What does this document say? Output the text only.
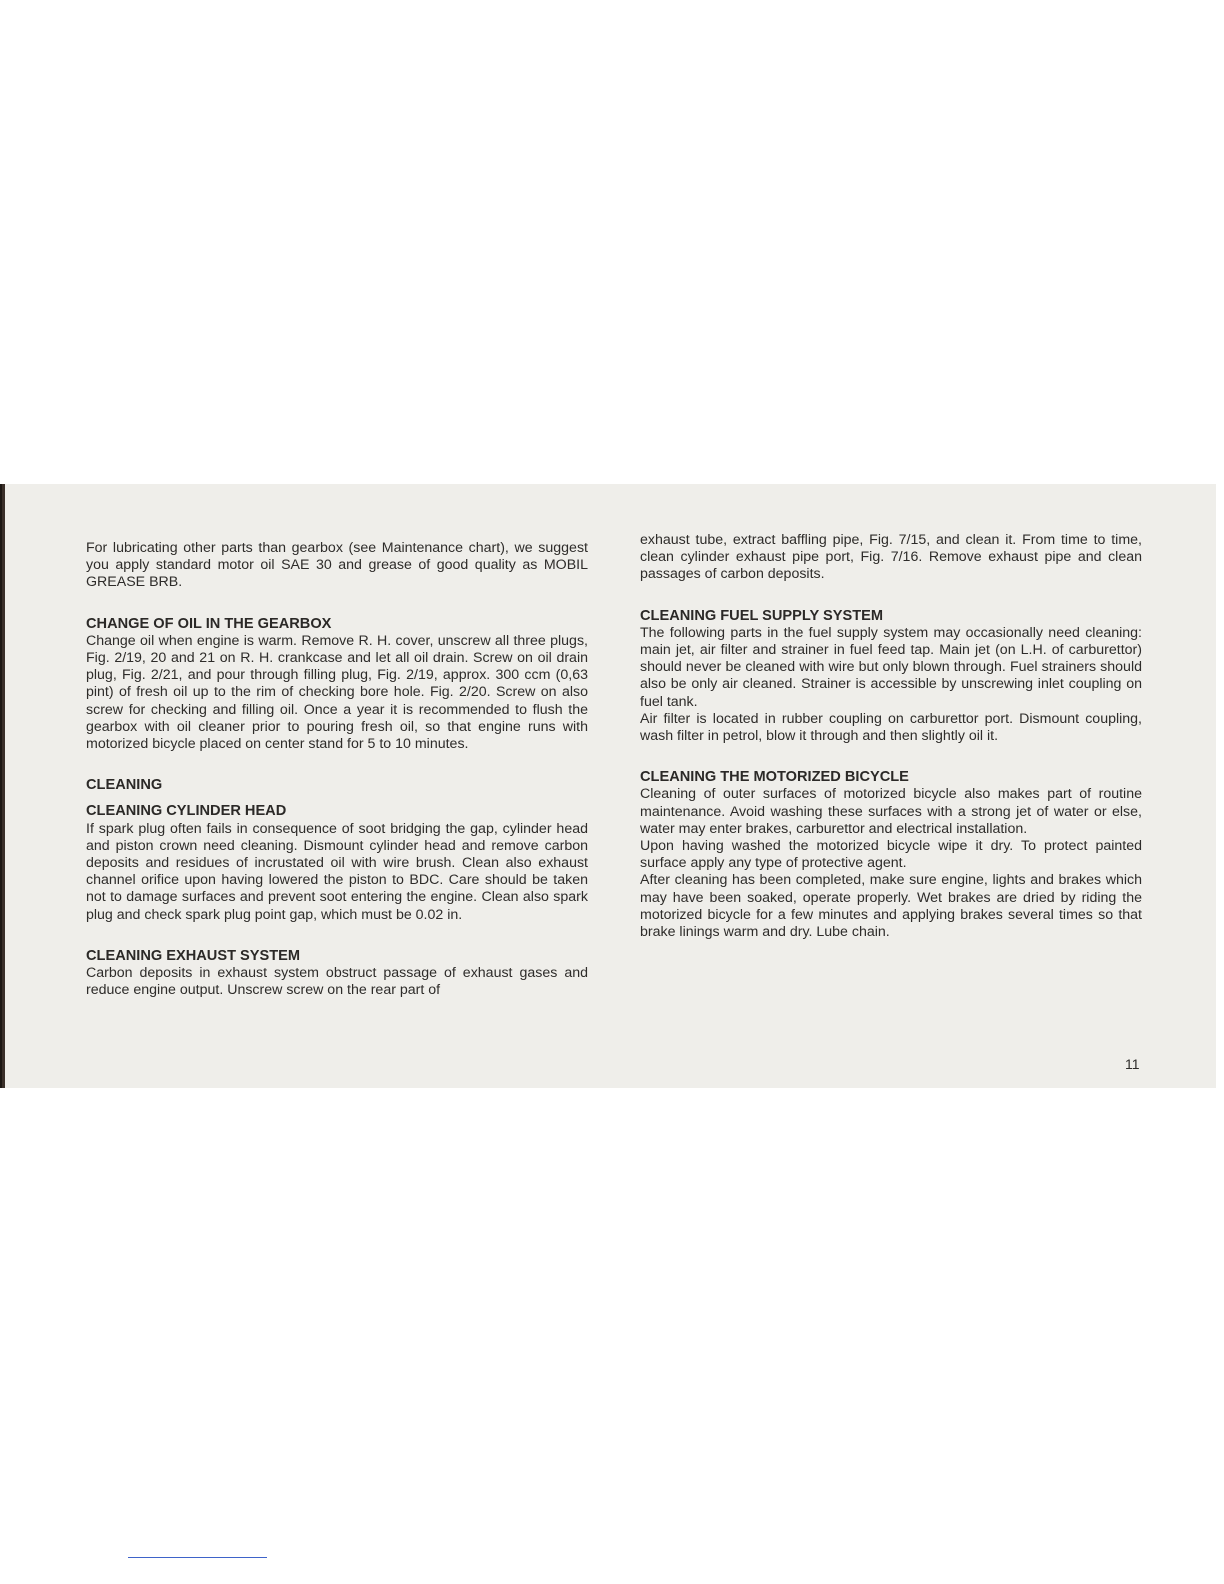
For lubricating other parts than gearbox (see Maintenance chart), we suggest you apply standard motor oil SAE 30 and grease of good quality as MOBIL GREASE BRB.

CHANGE OF OIL IN THE GEARBOX

Change oil when engine is warm. Remove R. H. cover, unscrew all three plugs, Fig. 2/19, 20 and 21 on R. H. crankcase and let all oil drain. Screw on oil drain plug, Fig. 2/21, and pour through filling plug, Fig. 2/19, approx. 300 ccm (0,63 pint) of fresh oil up to the rim of checking bore hole. Fig. 2/20. Screw on also screw for checking and filling oil. Once a year it is recommended to flush the gearbox with oil cleaner prior to pouring fresh oil, so that engine runs with motorized bicycle placed on center stand for 5 to 10 minutes.

CLEANING

CLEANING CYLINDER HEAD

If spark plug often fails in consequence of soot bridging the gap, cylinder head and piston crown need cleaning. Dismount cylinder head and remove carbon deposits and residues of incrustated oil with wire brush. Clean also exhaust channel orifice upon having lowered the piston to BDC. Care should be taken not to damage surfaces and prevent soot entering the engine. Clean also spark plug and check spark plug point gap, which must be 0.02 in.

CLEANING EXHAUST SYSTEM

Carbon deposits in exhaust system obstruct passage of exhaust gases and reduce engine output. Unscrew screw on the rear part of

exhaust tube, extract baffling pipe, Fig. 7/15, and clean it. From time to time, clean cylinder exhaust pipe port, Fig. 7/16. Remove exhaust pipe and clean passages of carbon deposits.

CLEANING FUEL SUPPLY SYSTEM

The following parts in the fuel supply system may occasionally need cleaning: main jet, air filter and strainer in fuel feed tap. Main jet (on L.H. of carburettor) should never be cleaned with wire but only blown through. Fuel strainers should also be only air cleaned. Strainer is accessible by unscrewing inlet coupling on fuel tank.

Air filter is located in rubber coupling on carburettor port. Dismount coupling, wash filter in petrol, blow it through and then slightly oil it.

CLEANING THE MOTORIZED BICYCLE

Cleaning of outer surfaces of motorized bicycle also makes part of routine maintenance. Avoid washing these surfaces with a strong jet of water or else, water may enter brakes, carburettor and electrical installation.

Upon having washed the motorized bicycle wipe it dry. To protect painted surface apply any type of protective agent.

After cleaning has been completed, make sure engine, lights and brakes which may have been soaked, operate properly. Wet brakes are dried by riding the motorized bicycle for a few minutes and applying brakes several times so that brake linings warm and dry. Lube chain.

11
